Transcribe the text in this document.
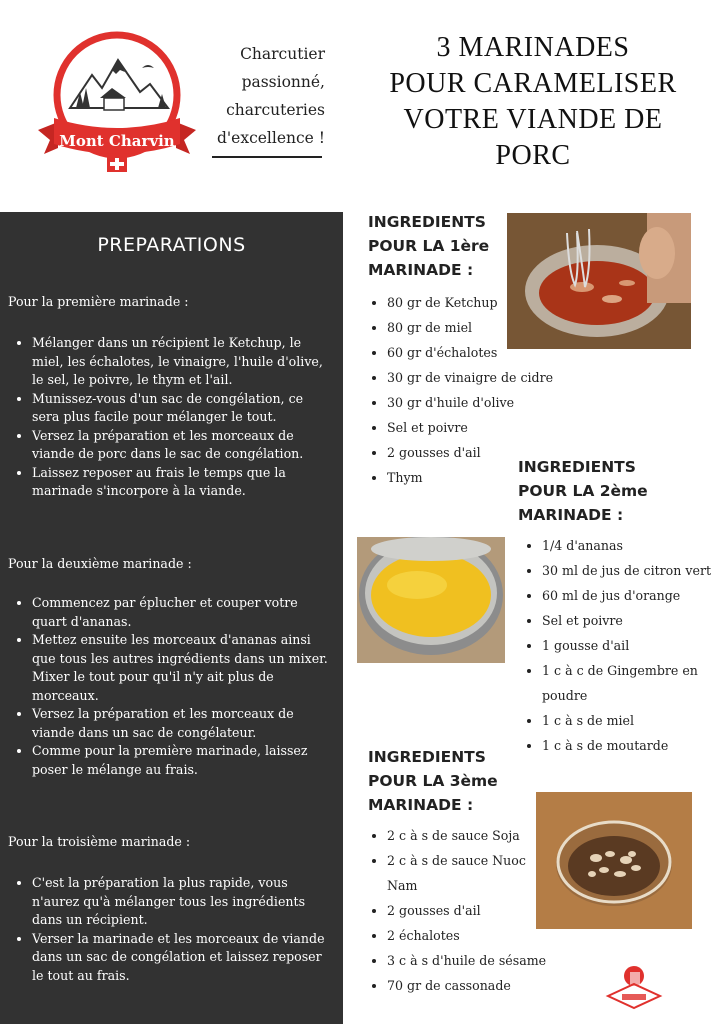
Mont Charvin
Charcutier
passionné,
charcuteries
d'excellence !
3 MARINADES
POUR CARAMELISER
VOTRE VIANDE DE
PORC
PREPARATIONS
Pour la première marinade :
• Mélanger dans un récipient le Ketchup, le miel, les échalotes, le vinaigre, l'huile d'olive, le sel, le poivre, le thym et l'ail.
• Munissez-vous d'un sac de congélation, ce sera plus facile pour mélanger le tout.
• Versez la préparation et les morceaux de viande de porc dans le sac de congélation.
• Laissez reposer au frais le temps que la marinade s'incorpore à la viande.
Pour la deuxième marinade :
• Commencez par éplucher et couper votre quart d'ananas.
• Mettez ensuite les morceaux d'ananas ainsi que tous les autres ingrédients dans un mixer. Mixer le tout pour qu'il n'y ait plus de morceaux.
• Versez la préparation et les morceaux de viande dans un sac de congélateur.
• Comme pour la première marinade, laissez poser le mélange au frais.
Pour la troisième marinade :
• C'est la préparation la plus rapide, vous n'aurez qu'à mélanger tous les ingrédients dans un récipient.
• Verser la marinade et les morceaux de viande dans un sac de congélation et laissez reposer le tout au frais.
INGREDIENTS
POUR LA 1ère
MARINADE :
• 80 gr de Ketchup
• 80 gr de miel
• 60 gr d'échalotes
• 30 gr de vinaigre de cidre
• 30 gr d'huile d'olive
• Sel et poivre
• 2 gousses d'ail
• Thym
INGREDIENTS
POUR LA 2ème
MARINADE :
• 1/4 d'ananas
• 30 ml de jus de citron vert
• 60 ml de jus d'orange
• Sel et poivre
• 1 gousse d'ail
• 1 c à c de Gingembre en poudre
• 1 c à s de miel
• 1 c à s de moutarde
INGREDIENTS
POUR LA 3ème
MARINADE :
• 2 c à s de sauce Soja
• 2 c à s de sauce Nuoc Nam
• 2 gousses d'ail
• 2 échalotes
• 3 c à s d'huile de sésame
• 70 gr de cassonade
